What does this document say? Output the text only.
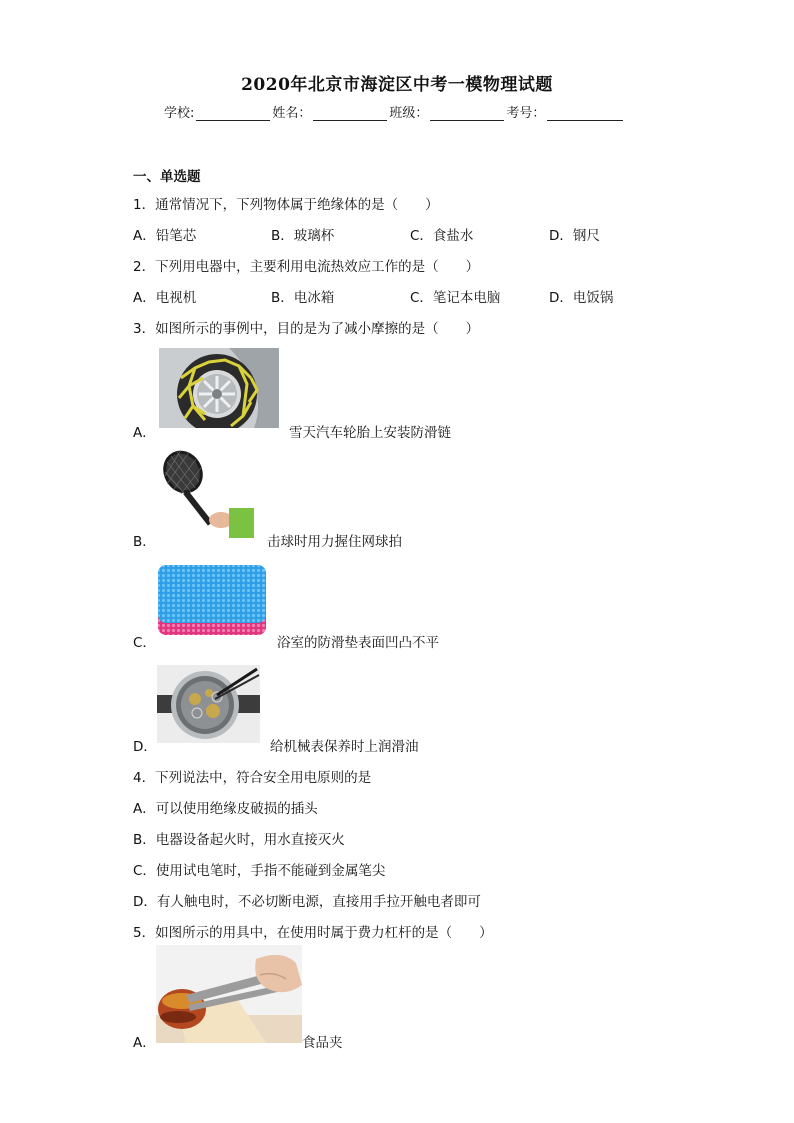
2020年北京市海淀区中考一模物理试题
学校:	姓名：	班级：	考号：
一、单选题
1．通常情况下，下列物体属于绝缘体的是（　　）
A．铅笔芯	B．玻璃杯	C．食盐水	D．钢尺
2．下列用电器中，主要利用电流热效应工作的是（　　）
A．电视机	B．电冰箱	C．笔记本电脑	D．电饭锅
3．如图所示的事例中，目的是为了减小摩擦的是（　　）
A．	雪天汽车轮胎上安装防滑链
B．	击球时用力握住网球拍
C．	浴室的防滑垫表面凹凸不平
D．	给机械表保养时上润滑油
4．下列说法中，符合安全用电原则的是
A．可以使用绝缘皮破损的插头
B．电器设备起火时，用水直接灭火
C．使用试电笔时，手指不能碰到金属笔尖
D．有人触电时，不必切断电源，直接用手拉开触电者即可
5．如图所示的用具中，在使用时属于费力杠杆的是（　　）
A．	食品夹
